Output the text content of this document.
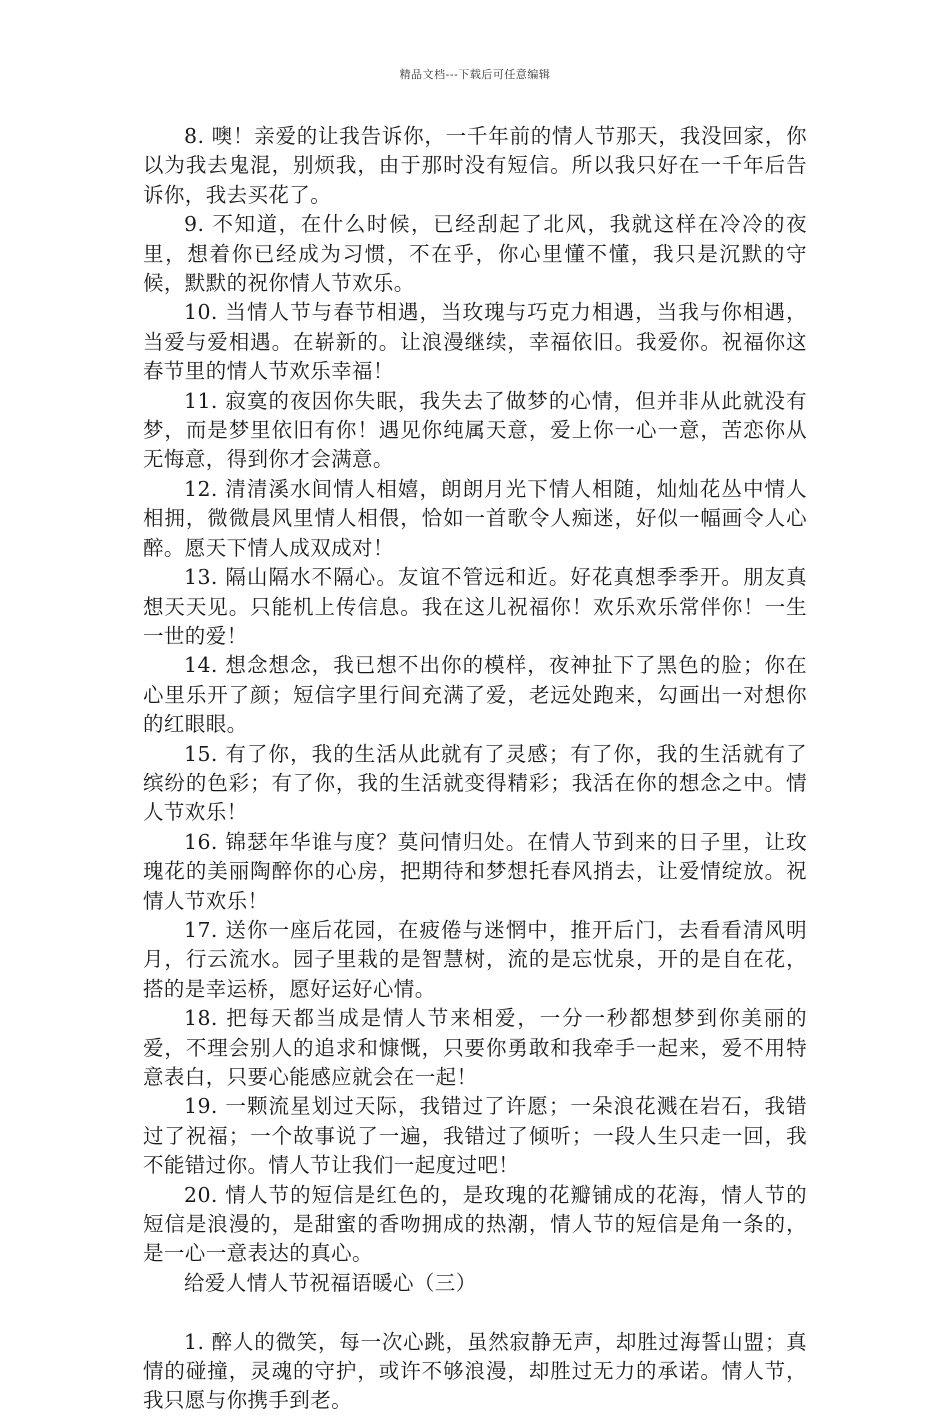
精品文档---下载后可任意编辑

8. 噢！亲爱的让我告诉你，一千年前的情人节那天，我没回家，你以为我去鬼混，别烦我，由于那时没有短信。所以我只好在一千年后告诉你，我去买花了。

9. 不知道，在什么时候，已经刮起了北风，我就这样在冷冷的夜里，想着你已经成为习惯，不在乎，你心里懂不懂，我只是沉默的守候，默默的祝你情人节欢乐。

10. 当情人节与春节相遇，当玫瑰与巧克力相遇，当我与你相遇，当爱与爱相遇。在崭新的。让浪漫继续，幸福依旧。我爱你。祝福你这春节里的情人节欢乐幸福！

11. 寂寞的夜因你失眠，我失去了做梦的心情，但并非从此就没有梦，而是梦里依旧有你！遇见你纯属天意，爱上你一心一意，苦恋你从无悔意，得到你才会满意。

12. 清清溪水间情人相嬉，朗朗月光下情人相随，灿灿花丛中情人相拥，微微晨风里情人相偎，恰如一首歌令人痴迷，好似一幅画令人心醉。愿天下情人成双成对！

13. 隔山隔水不隔心。友谊不管远和近。好花真想季季开。朋友真想天天见。只能机上传信息。我在这儿祝福你！欢乐欢乐常伴你！一生一世的爱！

14. 想念想念，我已想不出你的模样，夜神扯下了黑色的脸；你在心里乐开了颜；短信字里行间充满了爱，老远处跑来，勾画出一对想你的红眼眼。

15. 有了你，我的生活从此就有了灵感；有了你，我的生活就有了缤纷的色彩；有了你，我的生活就变得精彩；我活在你的想念之中。情人节欢乐！

16. 锦瑟年华谁与度？莫问情归处。在情人节到来的日子里，让玫瑰花的美丽陶醉你的心房，把期待和梦想托春风捎去，让爱情绽放。祝情人节欢乐！

17. 送你一座后花园，在疲倦与迷惘中，推开后门，去看看清风明月，行云流水。园子里栽的是智慧树，流的是忘忧泉，开的是自在花，搭的是幸运桥，愿好运好心情。

18. 把每天都当成是情人节来相爱，一分一秒都想梦到你美丽的爱，不理会别人的追求和慷慨，只要你勇敢和我牵手一起来，爱不用特意表白，只要心能感应就会在一起！

19. 一颗流星划过天际，我错过了许愿；一朵浪花溅在岩石，我错过了祝福；一个故事说了一遍，我错过了倾听；一段人生只走一回，我不能错过你。情人节让我们一起度过吧！

20. 情人节的短信是红色的，是玫瑰的花瓣铺成的花海，情人节的短信是浪漫的，是甜蜜的香吻拥成的热潮，情人节的短信是角一条的，是一心一意表达的真心。

给爱人情人节祝福语暖心（三）

1. 醉人的微笑，每一次心跳，虽然寂静无声，却胜过海誓山盟；真情的碰撞，灵魂的守护，或许不够浪漫，却胜过无力的承诺。情人节，我只愿与你携手到老。
